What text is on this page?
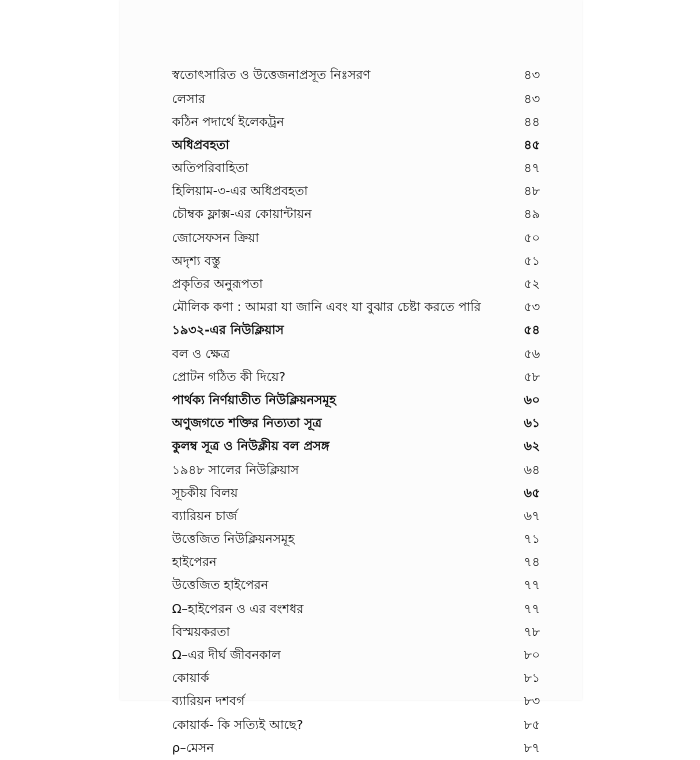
স্বতোৎসারিত ও উত্তেজনাপ্রসূত নিঃসরণ	৪৩
লেসার	৪৩
কঠিন পদার্থে ইলেকট্রন	৪৪
অধিপ্রবহতা	৪৫
অতিপরিবাহিতা	৪৭
হিলিয়াম-৩-এর অধিপ্রবহতা	৪৮
চৌম্বক ফ্লাক্স-এর কোয়ান্টায়ন	৪৯
জোসেফসন ক্রিয়া	৫০
অদৃশ্য বস্তু	৫১
প্রকৃতির অনুরূপতা	৫২
মৌলিক কণা : আমরা যা জানি এবং যা বুঝার চেষ্টা করতে পারি	৫৩
১৯৩২-এর নিউক্লিয়াস	৫৪
বল ও ক্ষেত্র	৫৬
প্রোটন গঠিত কী দিয়ে?	৫৮
পার্থক্য নির্ণয়াতীত নিউক্লিয়নসমূহ	৬০
অণুজগতে শক্তির নিত্যতা সূত্র	৬১
কুলম্ব সূত্র ও নিউক্লীয় বল প্রসঙ্গ	৬২
১৯৪৮ সালের নিউক্লিয়াস	৬৪
সূচকীয় বিলয়	৬৫
ব্যারিয়ন চার্জ	৬৭
উত্তেজিত নিউক্লিয়নসমূহ	৭১
হাইপেরন	৭৪
উত্তেজিত হাইপেরন	৭৭
Ω–হাইপেরন ও এর বংশধর	৭৭
বিস্ময়করতা	৭৮
Ω–এর দীর্ঘ জীবনকাল	৮০
কোয়ার্ক	৮১
ব্যারিয়ন দশবর্গ	৮৩
কোয়ার্ক- কি সত্যিই আছে?	৮৫
ρ–মেসন	৮৭
